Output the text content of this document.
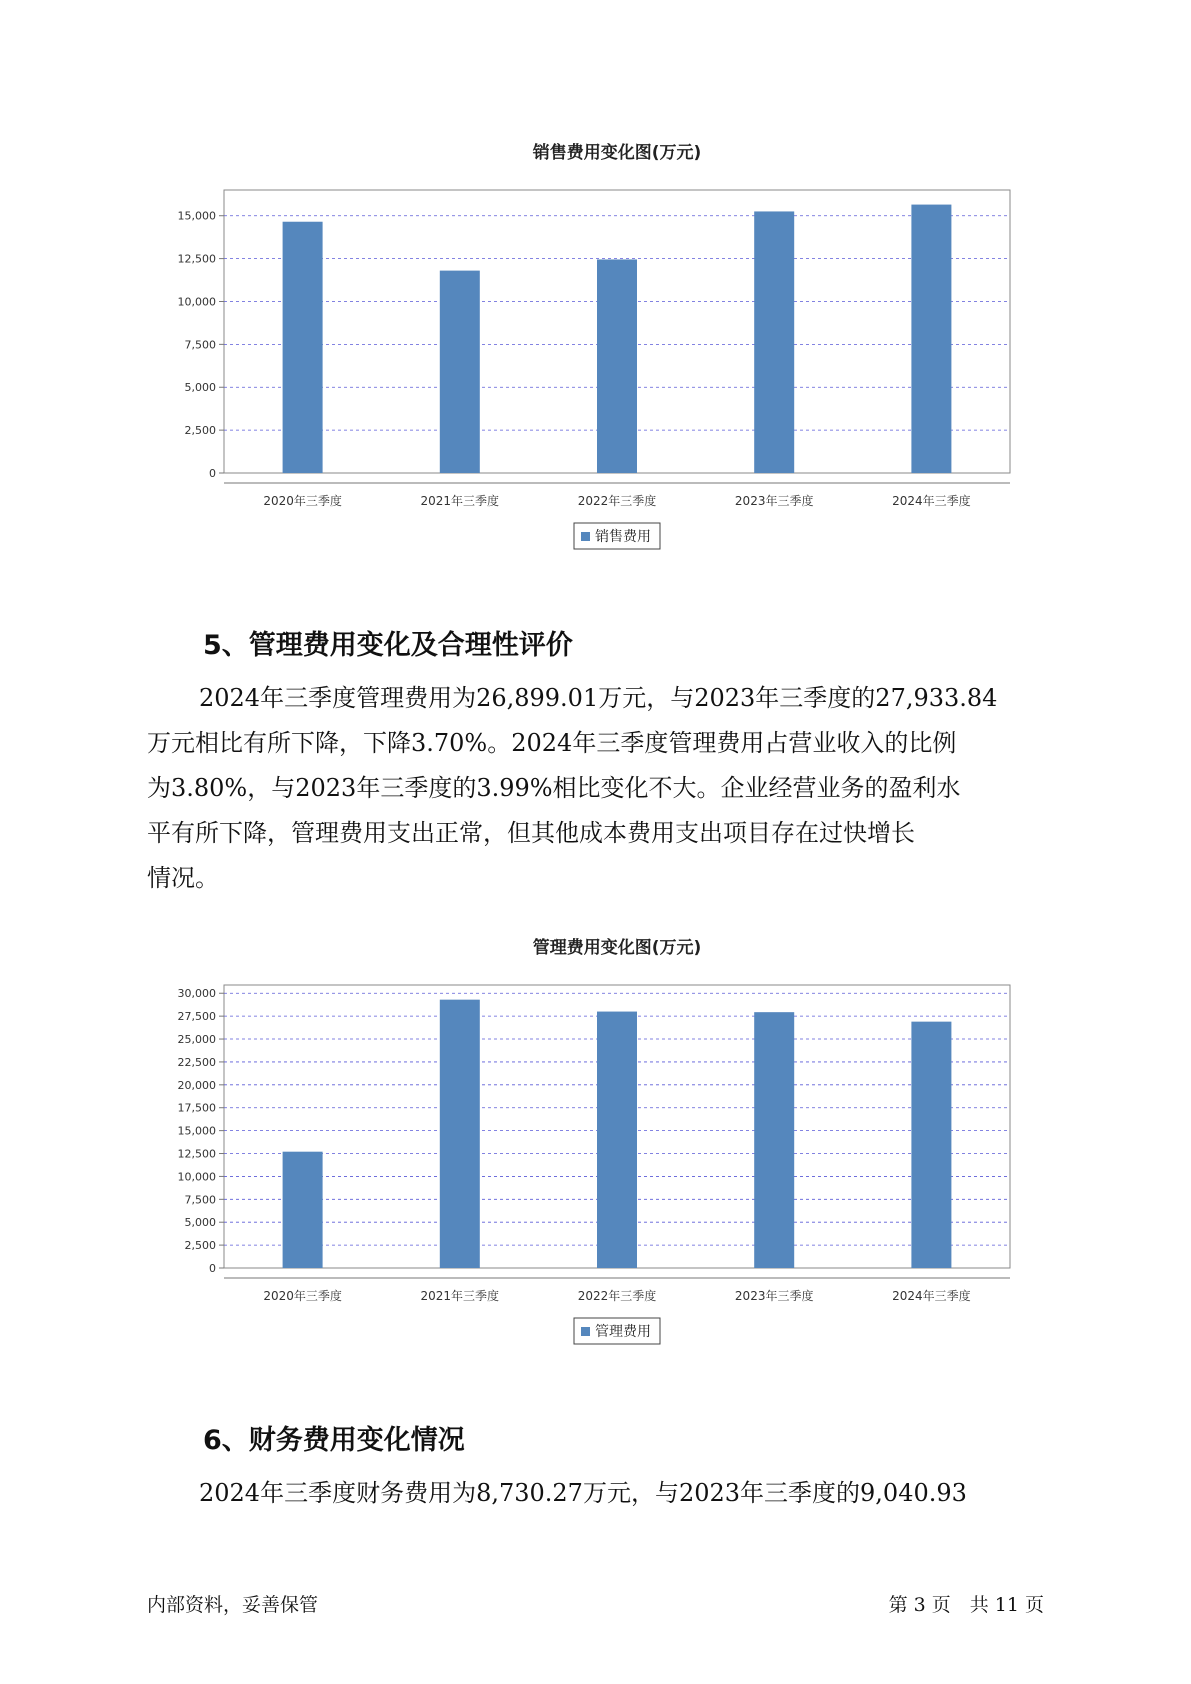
销售费用变化图(万元)
0
2,500
5,000
7,500
10,000
12,500
15,000
2020年三季度	2021年三季度	2022年三季度	2023年三季度	2024年三季度
销售费用
5、管理费用变化及合理性评价
2024年三季度管理费用为26,899.01万元，与2023年三季度的27,933.84
万元相比有所下降，下降3.70%。2024年三季度管理费用占营业收入的比例
为3.80%，与2023年三季度的3.99%相比变化不大。企业经营业务的盈利水
平有所下降，管理费用支出正常，但其他成本费用支出项目存在过快增长
情况。
管理费用变化图(万元)
0
2,500
5,000
7,500
10,000
12,500
15,000
17,500
20,000
22,500
25,000
27,500
30,000
2020年三季度	2021年三季度	2022年三季度	2023年三季度	2024年三季度
管理费用
6、财务费用变化情况
2024年三季度财务费用为8,730.27万元，与2023年三季度的9,040.93
内部资料，妥善保管	第 3 页　共 11 页
